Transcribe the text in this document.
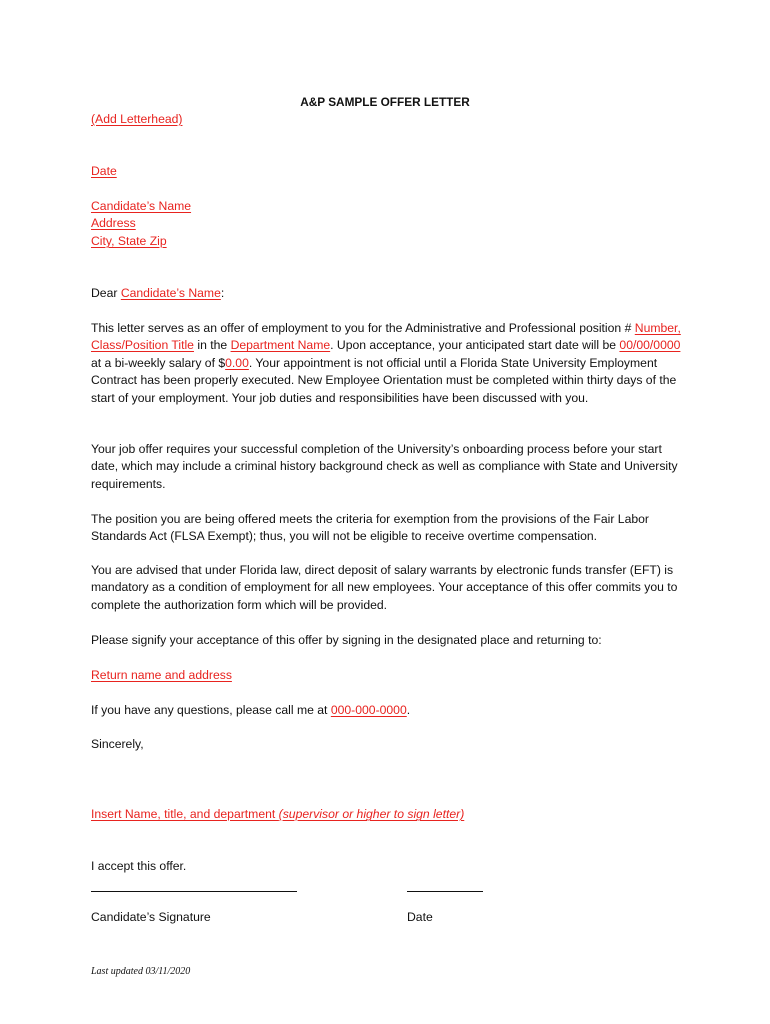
A&P SAMPLE OFFER LETTER
(Add Letterhead)
Date
Candidate’s Name
Address
City, State Zip
Dear Candidate’s Name:
This letter serves as an offer of employment to you for the Administrative and Professional position # Number, Class/Position Title in the Department Name. Upon acceptance, your anticipated start date will be 00/00/0000 at a bi-weekly salary of $0.00. Your appointment is not official until a Florida State University Employment Contract has been properly executed. New Employee Orientation must be completed within thirty days of the start of your employment. Your job duties and responsibilities have been discussed with you.
Your job offer requires your successful completion of the University’s onboarding process before your start date, which may include a criminal history background check as well as compliance with State and University requirements.
The position you are being offered meets the criteria for exemption from the provisions of the Fair Labor Standards Act (FLSA Exempt); thus, you will not be eligible to receive overtime compensation.
You are advised that under Florida law, direct deposit of salary warrants by electronic funds transfer (EFT) is mandatory as a condition of employment for all new employees. Your acceptance of this offer commits you to complete the authorization form which will be provided.
Please signify your acceptance of this offer by signing in the designated place and returning to:
Return name and address
If you have any questions, please call me at 000-000-0000.
Sincerely,
Insert Name, title, and department (supervisor or higher to sign letter)
I accept this offer.
Candidate’s Signature	Date
Last updated 03/11/2020
